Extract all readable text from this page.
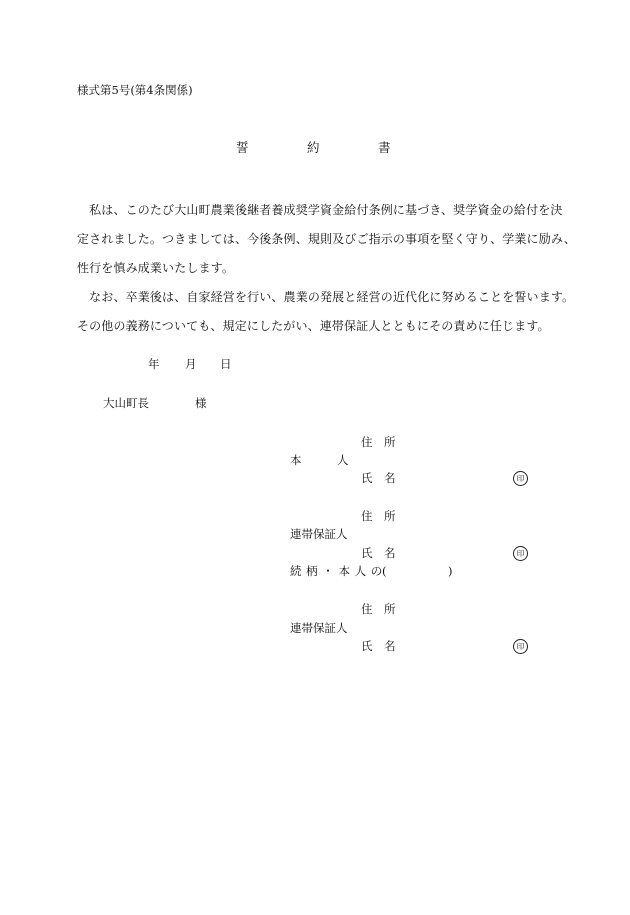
様式第5号(第4条関係)
誓	約	書
　私は、このたび大山町農業後継者養成奨学資金給付条例に基づき、奨学資金の給付を決
定されました。つきましては、今後条例、規則及びご指示の事項を堅く守り、学業に励み、
性行を慎み成業いたします。
　なお、卒業後は、自家経営を行い、農業の発展と経営の近代化に努めることを誓います。
その他の義務についても、規定にしたがい、連帯保証人とともにその責めに任じます。
年 月 日
大山町長	様
住 所
本	人
氏 名	印
住 所
連帯保証人
氏 名	印
続 柄 ・ 本 人 の (	)
住 所
連帯保証人
氏 名	印
